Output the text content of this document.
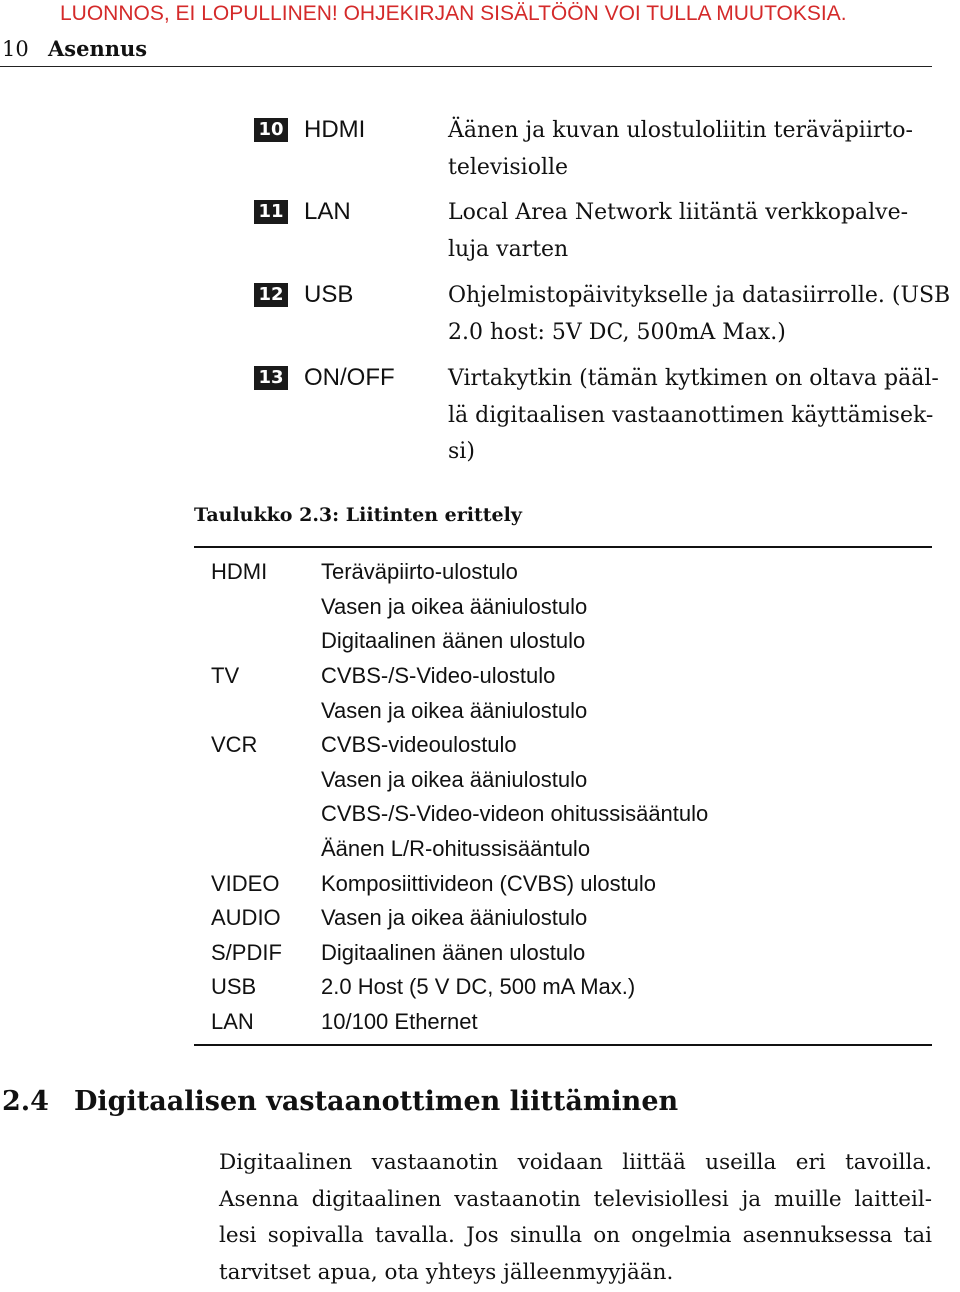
LUONNOS, EI LOPULLINEN! OHJEKIRJAN SISÄLTÖÖN VOI TULLA MUUTOKSIA.
10 Asennus
10 HDMI	Äänen ja kuvan ulostuloliitin teräväpiirto-
televisiolle
11 LAN	Local Area Network liitäntä verkkopalve-
luja varten
12 USB	Ohjelmistopäivitykselle ja datasiirrolle. (USB
2.0 host: 5V DC, 500mA Max.)
13 ON/OFF Virtakytkin (tämän kytkimen on oltava pääl-
lä digitaalisen vastaanottimen käyttämisek-
si)
Taulukko 2.3: Liitinten erittely
HDMI	Teräväpiirto-ulostulo
	Vasen ja oikea ääniulostulo
	Digitaalinen äänen ulostulo
TV	CVBS-/S-Video-ulostulo
	Vasen ja oikea ääniulostulo
VCR	CVBS-videoulostulo
	Vasen ja oikea ääniulostulo
	CVBS-/S-Video-videon ohitussisääntulo
	Äänen L/R-ohitussisääntulo
VIDEO	Komposiittivideon (CVBS) ulostulo
AUDIO	Vasen ja oikea ääniulostulo
S/PDIF	Digitaalinen äänen ulostulo
USB	2.0 Host (5 V DC, 500 mA Max.)
LAN	10/100 Ethernet
2.4 Digitaalisen vastaanottimen liittäminen
Digitaalinen vastaanotin voidaan liittää useilla eri tavoilla.
Asenna digitaalinen vastaanotin televisiollesi ja muille laitteil-
lesi sopivalla tavalla. Jos sinulla on ongelmia asennuksessa tai
tarvitset apua, ota yhteys jälleenmyyjään.
